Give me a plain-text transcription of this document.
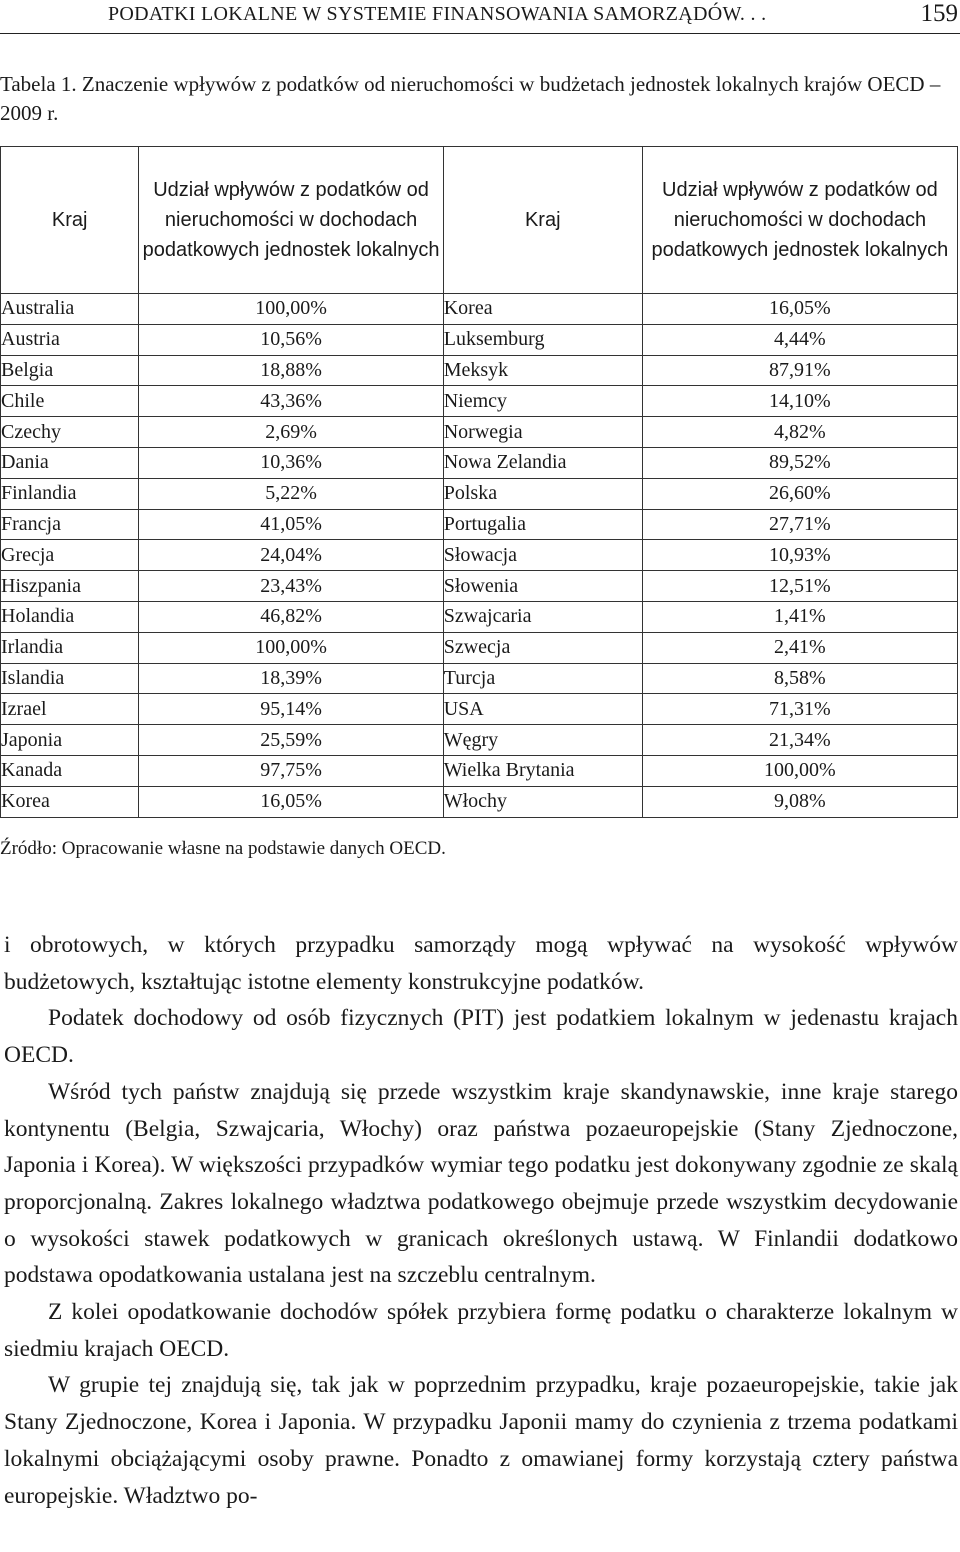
PODATKI LOKALNE W SYSTEMIE FINANSOWANIA SAMORZĄDÓW. . .	159
Tabela 1. Znaczenie wpływów z podatków od nieruchomości w budżetach jednostek lokalnych krajów OECD – 2009 r.
Kraj	Udział wpływów z podatków od nieruchomości w dochodach podatkowych jednostek lokalnych	Kraj	Udział wpływów z podatków od nieruchomości w dochodach podatkowych jednostek lokalnych
Australia	100,00%	Korea	16,05%
Austria	10,56%	Luksemburg	4,44%
Belgia	18,88%	Meksyk	87,91%
Chile	43,36%	Niemcy	14,10%
Czechy	2,69%	Norwegia	4,82%
Dania	10,36%	Nowa Zelandia	89,52%
Finlandia	5,22%	Polska	26,60%
Francja	41,05%	Portugalia	27,71%
Grecja	24,04%	Słowacja	10,93%
Hiszpania	23,43%	Słowenia	12,51%
Holandia	46,82%	Szwajcaria	1,41%
Irlandia	100,00%	Szwecja	2,41%
Islandia	18,39%	Turcja	8,58%
Izrael	95,14%	USA	71,31%
Japonia	25,59%	Węgry	21,34%
Kanada	97,75%	Wielka Brytania	100,00%
Korea	16,05%	Włochy	9,08%
Źródło: Opracowanie własne na podstawie danych OECD.

i obrotowych, w których przypadku samorządy mogą wpływać na wysokość wpływów budżetowych, kształtując istotne elementy konstrukcyjne podatków.

Podatek dochodowy od osób fizycznych (PIT) jest podatkiem lokalnym w jedenastu krajach OECD.

Wśród tych państw znajdują się przede wszystkim kraje skandynawskie, inne kraje starego kontynentu (Belgia, Szwajcaria, Włochy) oraz państwa pozaeuropejskie (Stany Zjednoczone, Japonia i Korea). W większości przypadków wymiar tego podatku jest dokonywany zgodnie ze skalą proporcjonalną. Zakres lokalnego władztwa podatkowego obejmuje przede wszystkim decydowanie o wysokości stawek podatkowych w granicach określonych ustawą. W Finlandii dodatkowo podstawa opodatkowania ustalana jest na szczeblu centralnym.

Z kolei opodatkowanie dochodów spółek przybiera formę podatku o charakterze lokalnym w siedmiu krajach OECD.

W grupie tej znajdują się, tak jak w poprzednim przypadku, kraje pozaeuropejskie, takie jak Stany Zjednoczone, Korea i Japonia. W przypadku Japonii mamy do czynienia z trzema podatkami lokalnymi obciążającymi osoby prawne. Ponadto z omawianej formy korzystają cztery państwa europejskie. Władztwo po-
